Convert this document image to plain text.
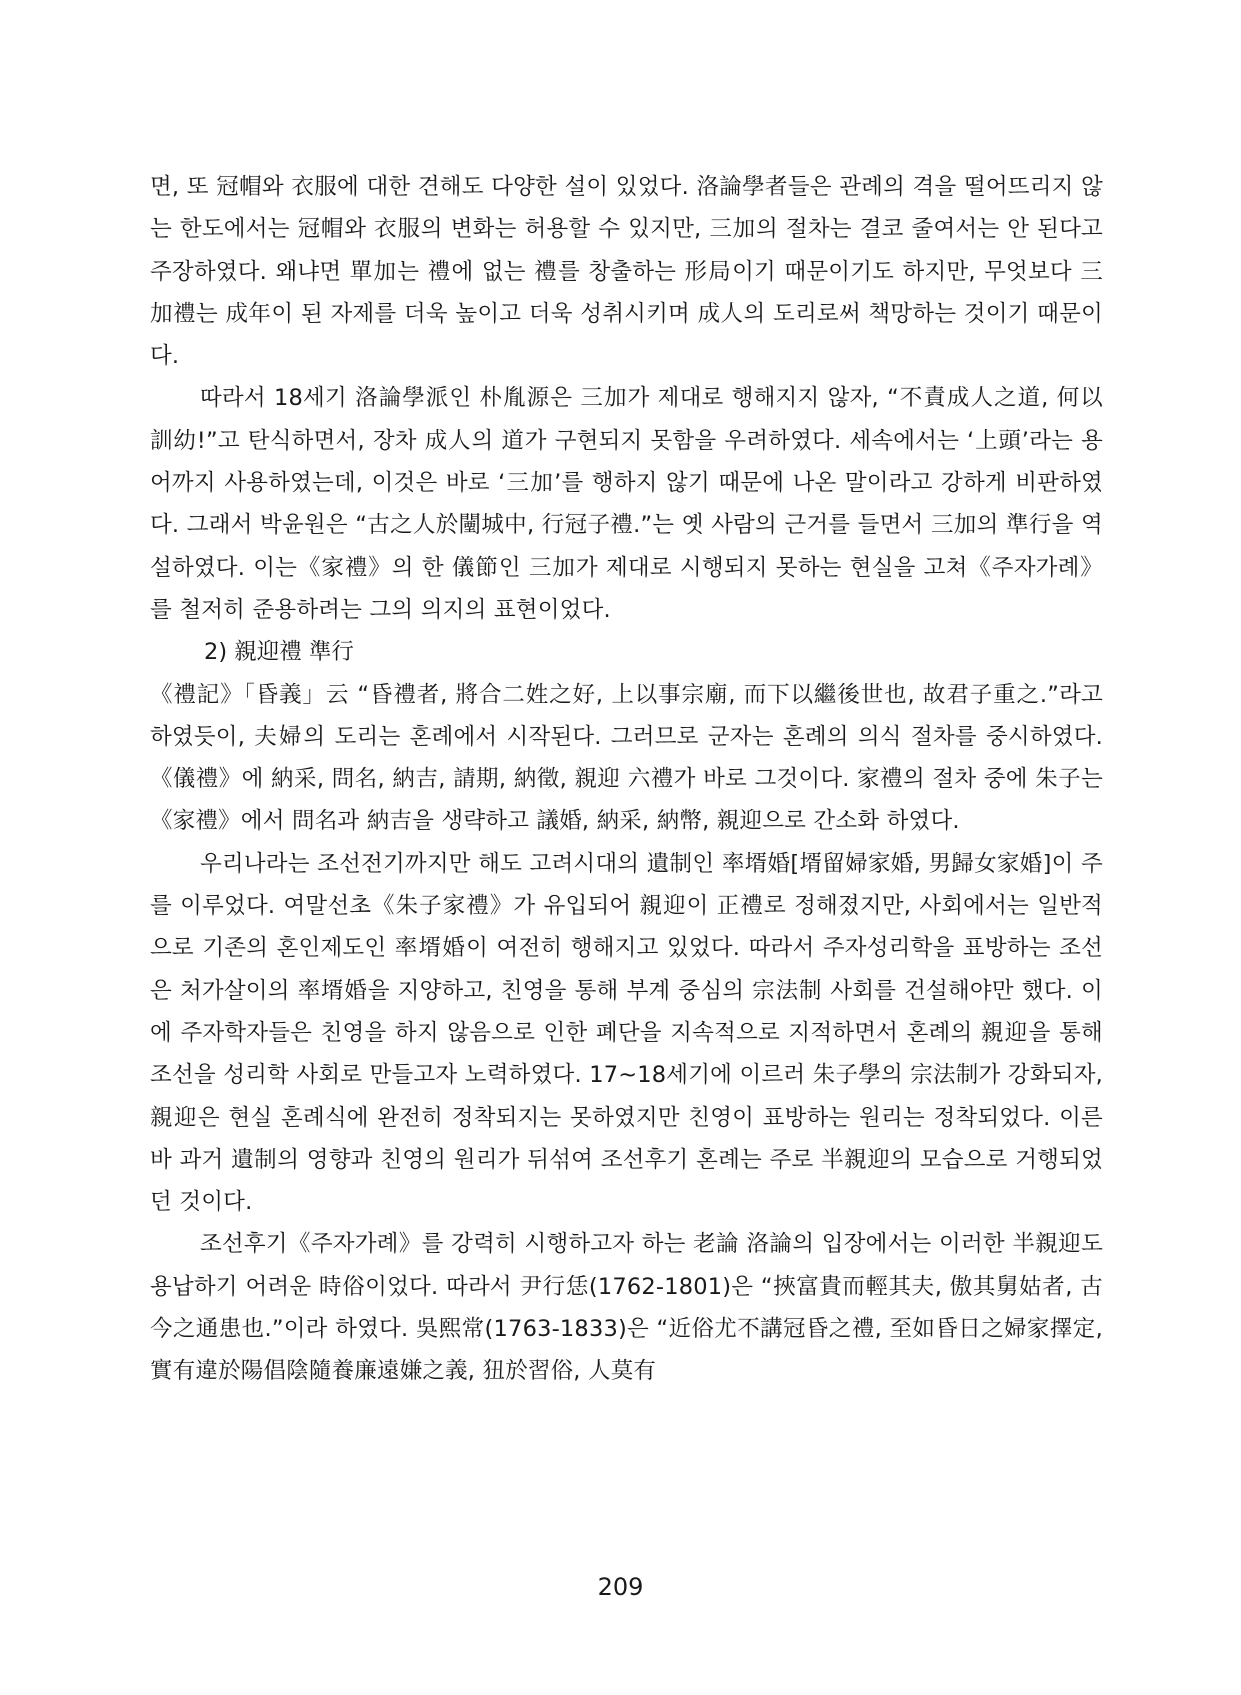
면, 또 冠帽와 衣服에 대한 견해도 다양한 설이 있었다. 洛論學者들은 관례의 격을 떨어뜨리지 않는 한도에서는 冠帽와 衣服의 변화는 허용할 수 있지만, 三加의 절차는 결코 줄여서는 안 된다고 주장하였다. 왜냐면 單加는 禮에 없는 禮를 창출하는 形局이기 때문이기도 하지만, 무엇보다 三加禮는 成年이 된 자제를 더욱 높이고 더욱 성취시키며 成人의 도리로써 책망하는 것이기 때문이다.

따라서 18세기 洛論學派인 朴胤源은 三加가 제대로 행해지지 않자, “不責成人之道, 何以訓幼!”고 탄식하면서, 장차 成人의 道가 구현되지 못함을 우려하였다. 세속에서는 ‘上頭’라는 용어까지 사용하였는데, 이것은 바로 ‘三加’를 행하지 않기 때문에 나온 말이라고 강하게 비판하였다. 그래서 박윤원은 “古之人於闉城中, 行冠子禮.”는 옛 사람의 근거를 들면서 三加의 準行을 역설하였다. 이는《家禮》의 한 儀節인 三加가 제대로 시행되지 못하는 현실을 고쳐《주자가례》를 철저히 준용하려는 그의 의지의 표현이었다.

2) 親迎禮 準行

《禮記》「昏義」云 “昏禮者, 將合二姓之好, 上以事宗廟, 而下以繼後世也, 故君子重之.”라고 하였듯이, 夫婦의 도리는 혼례에서 시작된다. 그러므로 군자는 혼례의 의식 절차를 중시하였다.《儀禮》에 納采, 問名, 納吉, 請期, 納徵, 親迎 六禮가 바로 그것이다. 家禮의 절차 중에 朱子는《家禮》에서 問名과 納吉을 생략하고 議婚, 納采, 納幣, 親迎으로 간소화 하였다.

우리나라는 조선전기까지만 해도 고려시대의 遺制인 率壻婚[壻留婦家婚, 男歸女家婚]이 주를 이루었다. 여말선초《朱子家禮》가 유입되어 親迎이 正禮로 정해졌지만, 사회에서는 일반적으로 기존의 혼인제도인 率壻婚이 여전히 행해지고 있었다. 따라서 주자성리학을 표방하는 조선은 처가살이의 率壻婚을 지양하고, 친영을 통해 부계 중심의 宗法制 사회를 건설해야만 했다. 이에 주자학자들은 친영을 하지 않음으로 인한 폐단을 지속적으로 지적하면서 혼례의 親迎을 통해 조선을 성리학 사회로 만들고자 노력하였다. 17~18세기에 이르러 朱子學의 宗法制가 강화되자, 親迎은 현실 혼례식에 완전히 정착되지는 못하였지만 친영이 표방하는 원리는 정착되었다. 이른바 과거 遺制의 영향과 친영의 원리가 뒤섞여 조선후기 혼례는 주로 半親迎의 모습으로 거행되었던 것이다.

조선후기《주자가례》를 강력히 시행하고자 하는 老論 洛論의 입장에서는 이러한 半親迎도 용납하기 어려운 時俗이었다. 따라서 尹行恁(1762-1801)은 “挾富貴而輕其夫, 傲其舅姑者, 古今之通患也.”이라 하였다. 吳熙常(1763-1833)은 “近俗尤不講冠昏之禮, 至如昏日之婦家擇定, 實有違於陽倡陰隨養廉遠嫌之義, 狃於習俗, 人莫有

209
